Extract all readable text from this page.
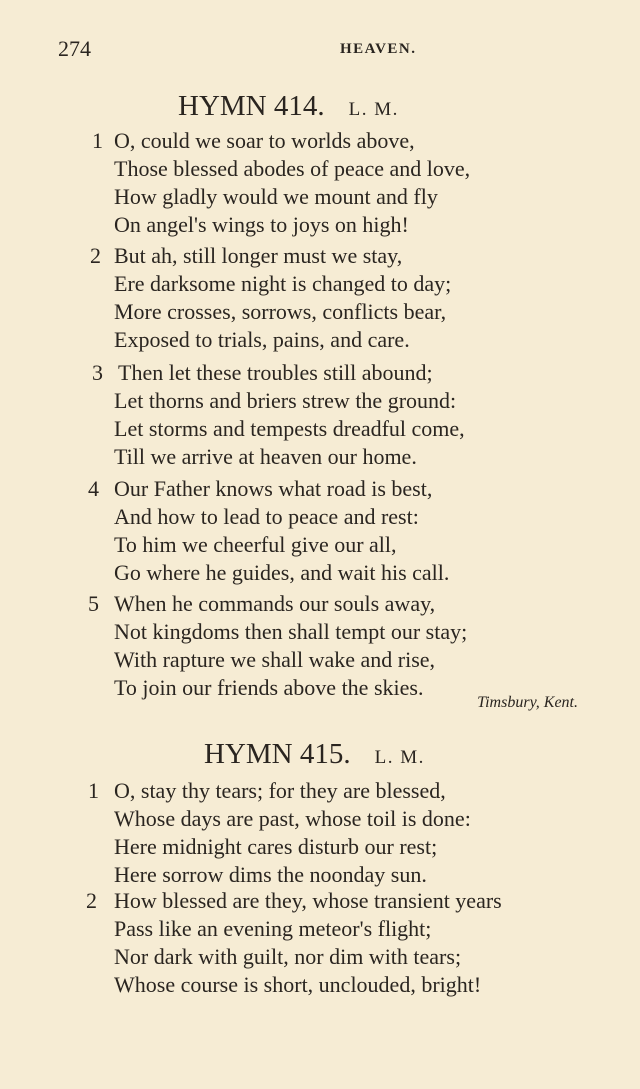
274	HEAVEN.
HYMN 414. L. M.
1 O, could we soar to worlds above,
Those blessed abodes of peace and love,
How gladly would we mount and fly
On angel's wings to joys on high!
2 But ah, still longer must we stay,
Ere darksome night is changed to day;
More crosses, sorrows, conflicts bear,
Exposed to trials, pains, and care.
3 Then let these troubles still abound;
Let thorns and briers strew the ground:
Let storms and tempests dreadful come,
Till we arrive at heaven our home.
4 Our Father knows what road is best,
And how to lead to peace and rest:
To him we cheerful give our all,
Go where he guides, and wait his call.
5 When he commands our souls away,
Not kingdoms then shall tempt our stay;
With rapture we shall wake and rise,
To join our friends above the skies.
Timsbury, Kent.
HYMN 415. L. M.
1 O, stay thy tears; for they are blessed,
Whose days are past, whose toil is done:
Here midnight cares disturb our rest;
Here sorrow dims the noonday sun.
2 How blessed are they, whose transient years
Pass like an evening meteor's flight;
Nor dark with guilt, nor dim with tears;
Whose course is short, unclouded, bright!
